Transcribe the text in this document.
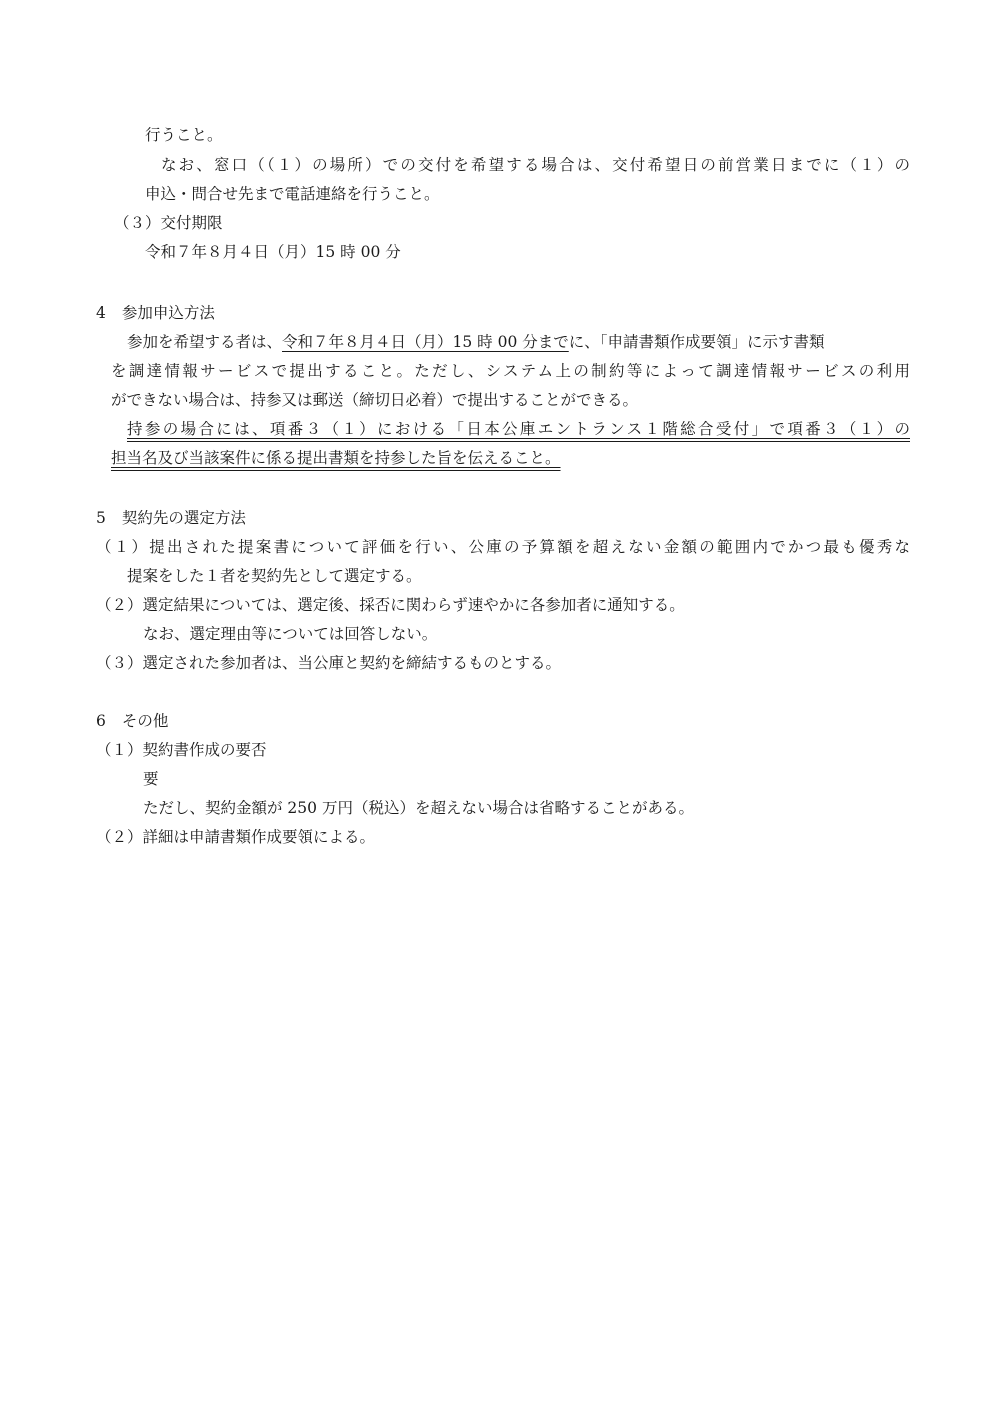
行うこと。
なお、窓口（（１）の場所）での交付を希望する場合は、交付希望日の前営業日までに（１）の
申込・問合せ先まで電話連絡を行うこと。
（３）交付期限
令和７年８月４日（月）15 時 00 分
4 参加申込方法
参加を希望する者は、令和７年８月４日（月）15 時 00 分までに、「申請書類作成要領」に示す書類
を調達情報サービスで提出すること。ただし、システム上の制約等によって調達情報サービスの利用
ができない場合は、持参又は郵送（締切日必着）で提出することができる。
持参の場合には、項番３（１）における「日本公庫エントランス１階総合受付」で項番３（１）の
担当名及び当該案件に係る提出書類を持参した旨を伝えること。
5 契約先の選定方法
（１）提出された提案書について評価を行い、公庫の予算額を超えない金額の範囲内でかつ最も優秀な
提案をした１者を契約先として選定する。
（２）選定結果については、選定後、採否に関わらず速やかに各参加者に通知する。
なお、選定理由等については回答しない。
（３）選定された参加者は、当公庫と契約を締結するものとする。
6 その他
（１）契約書作成の要否
要
ただし、契約金額が 250 万円（税込）を超えない場合は省略することがある。
（２）詳細は申請書類作成要領による。
